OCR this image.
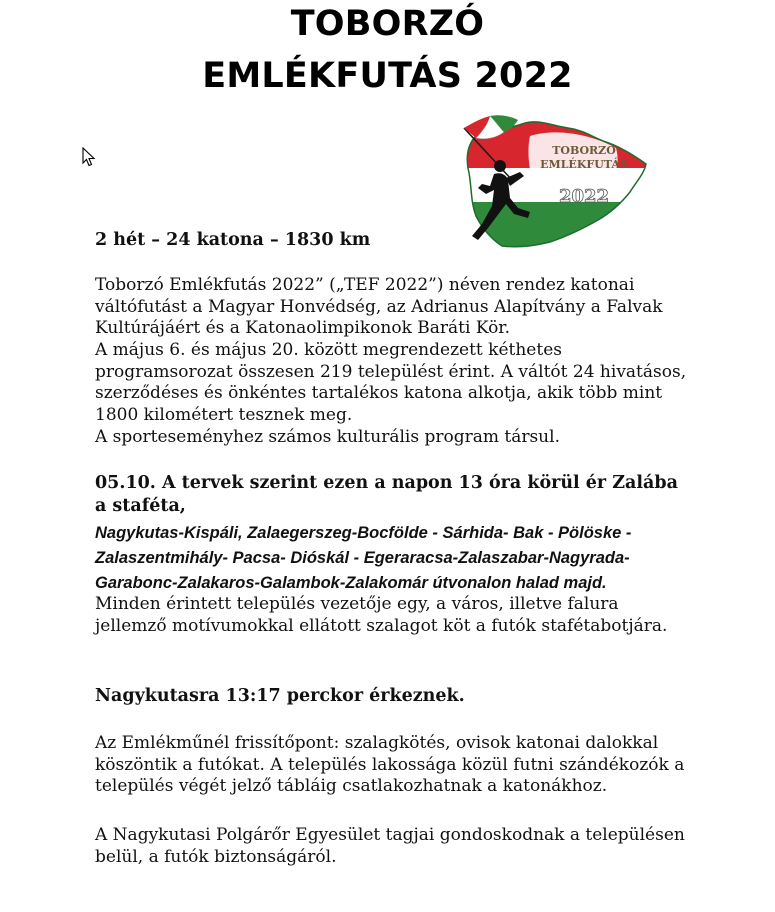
TOBORZÓ
EMLÉKFUTÁS 2022
TOBORZÓ
EMLÉKFUTÁS
2022

2 hét – 24 katona – 1830 km

Toborzó Emlékfutás 2022” („TEF 2022”) néven rendez katonai váltófutást a Magyar Honvédség, az Adrianus Alapítvány a Falvak Kultúrájáért és a Katonaolimpikonok Baráti Kör.

A május 6. és május 20. között megrendezett kéthetes programsorozat összesen 219 települést érint. A váltót 24 hivatásos, szerződéses és önkéntes tartalékos katona alkotja, akik több mint 1800 kilométert tesznek meg.

A sporteseményhez számos kulturális program társul.

05.10. A tervek szerint ezen a napon 13 óra körül ér Zalába a staféta,

Nagykutas-Kispáli, Zalaegerszeg-Bocfölde - Sárhida- Bak - Pölöske - Zalaszentmihály- Pacsa- Dióskál - Egeraracsa-Zalaszabar-Nagyrada-Garabonc-Zalakaros-Galambok-Zalakomár útvonalon halad majd.

Minden érintett település vezetője egy, a város, illetve falura jellemző motívumokkal ellátott szalagot köt a futók stafétabotjára.

Nagykutasra 13:17 perckor érkeznek.

Az Emlékműnél frissítőpont: szalagkötés, ovisok katonai dalokkal köszöntik a futókat. A település lakossága közül futni szándékozók a település végét jelző tábláig csatlakozhatnak a katonákhoz.

A Nagykutasi Polgárőr Egyesület tagjai gondoskodnak a településen belül, a futók biztonságáról.
